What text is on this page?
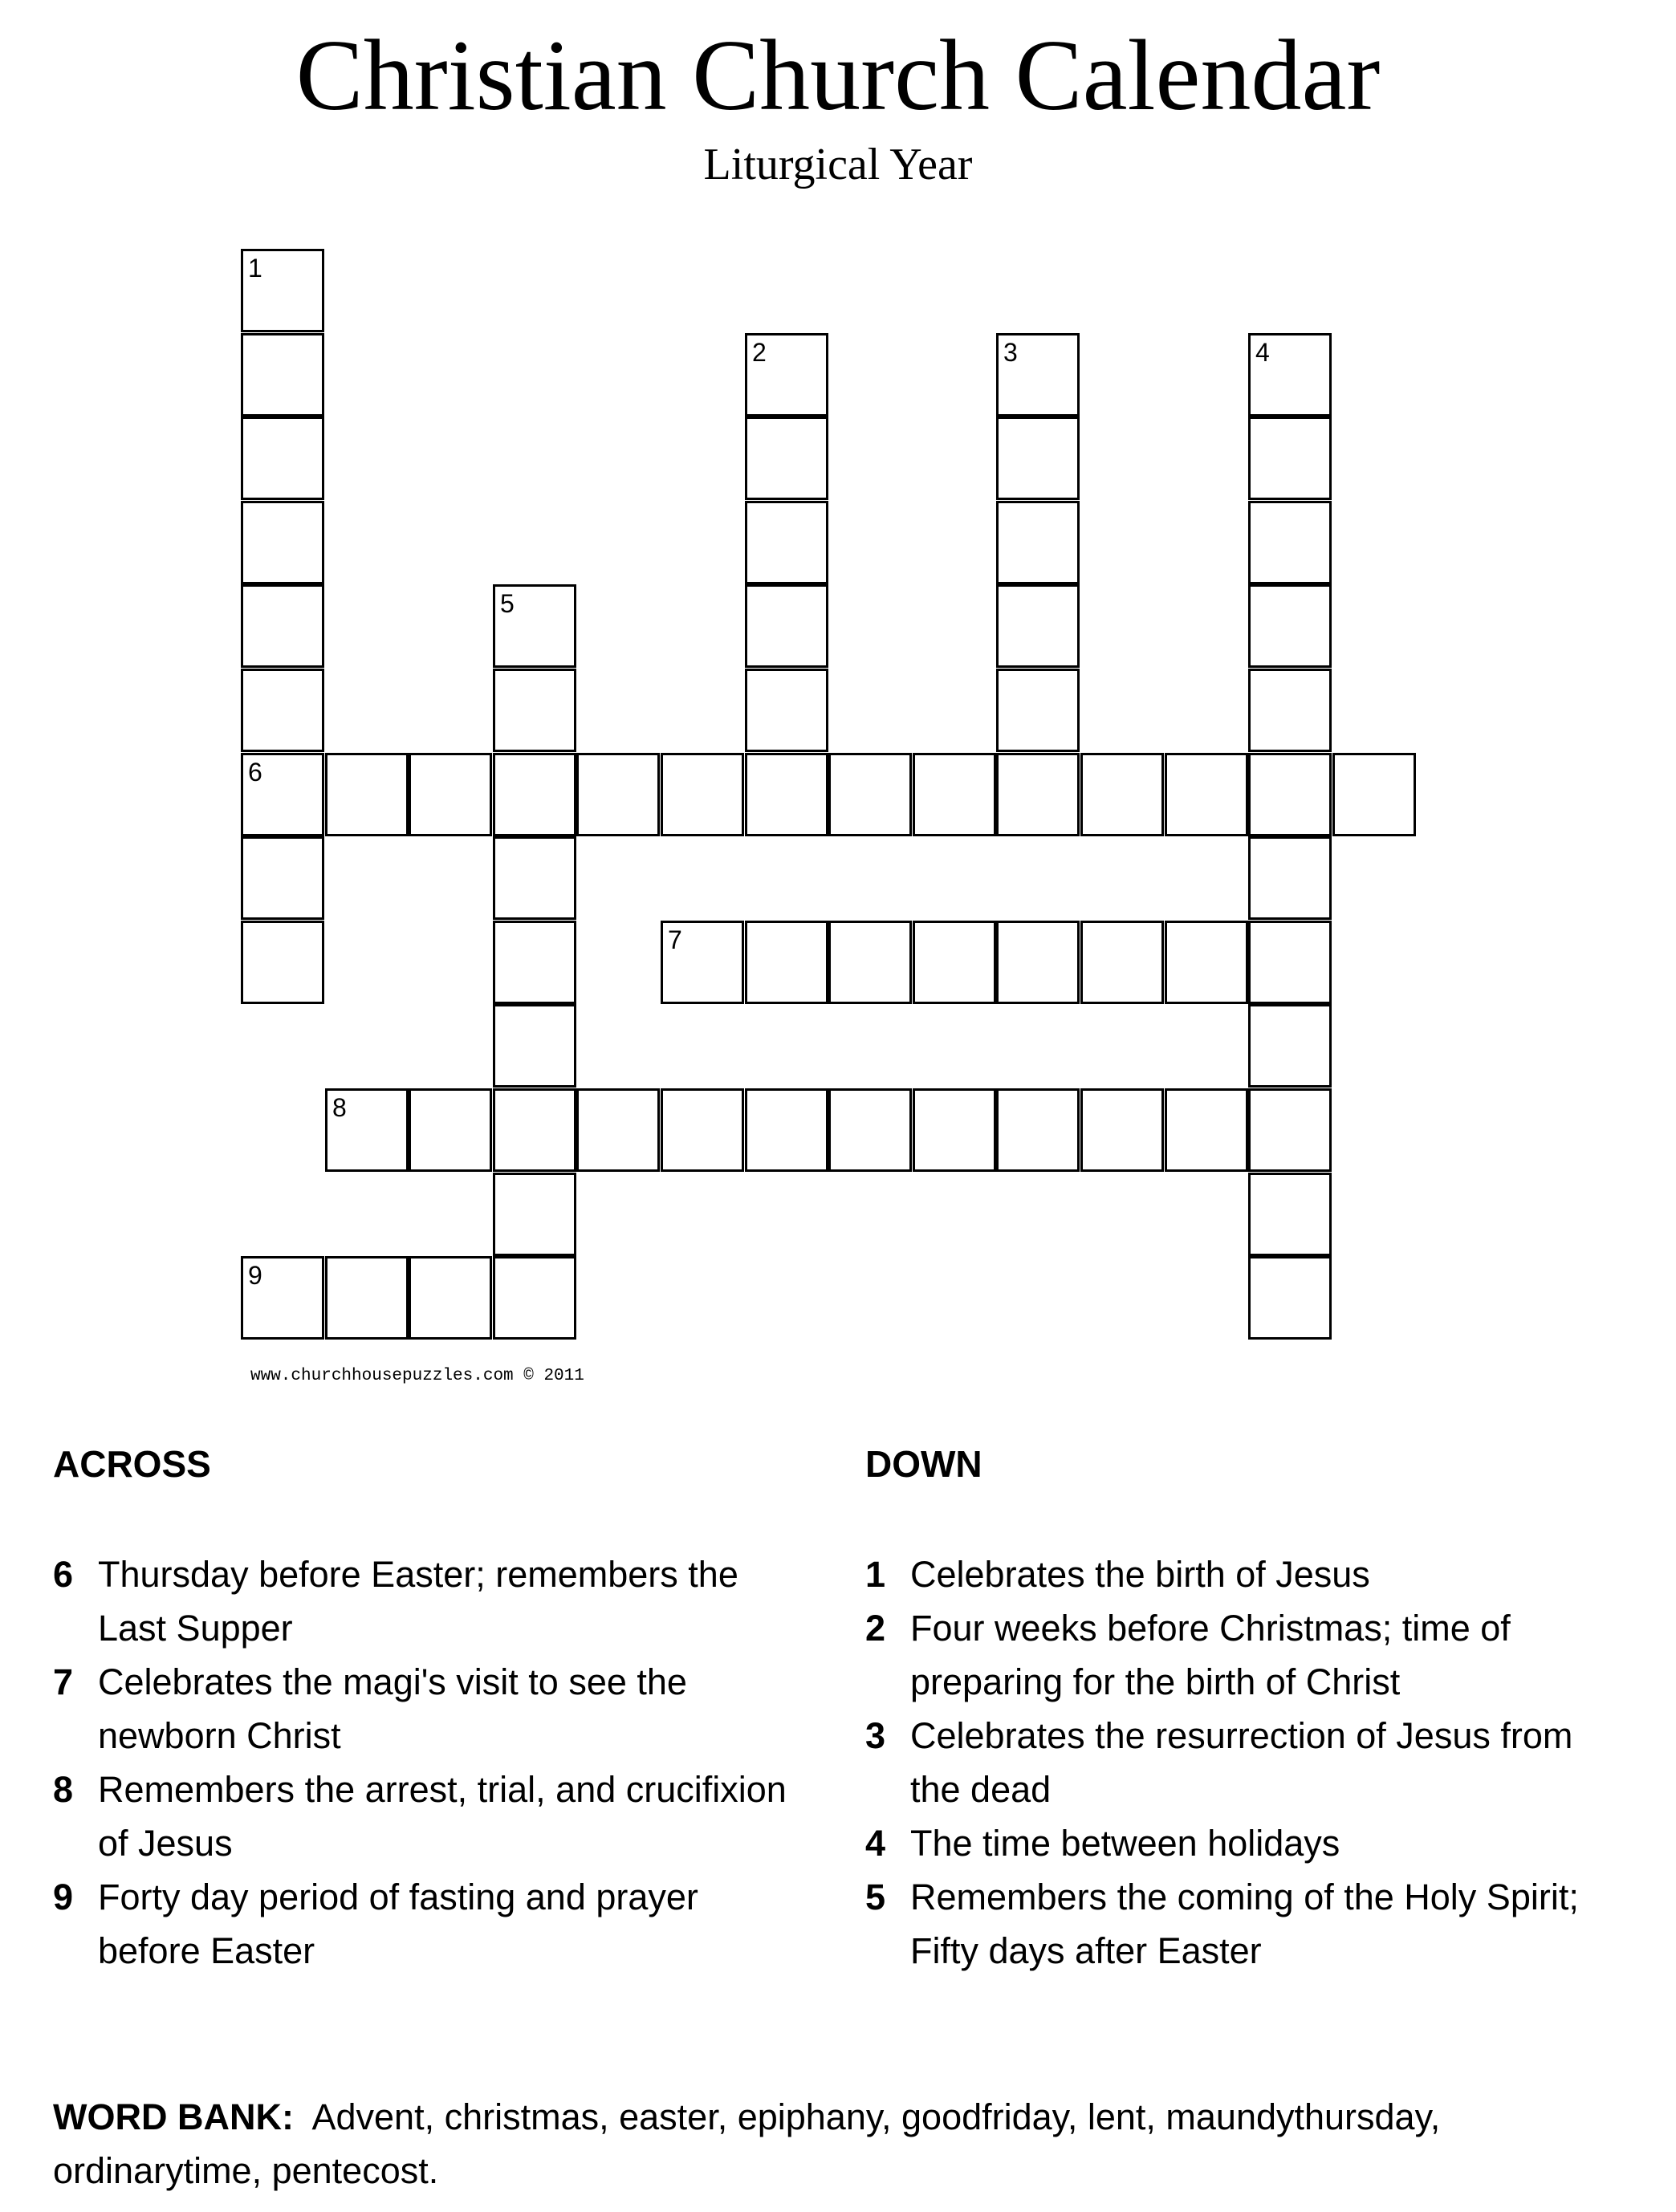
Christian Church Calendar
Liturgical Year
1
6
2	3	4
5
7
8
9
www.churchhousepuzzles.com © 2011
ACROSS	DOWN
6 Thursday before Easter; remembers the Last Supper
7 Celebrates the magi's visit to see the newborn Christ
8 Remembers the arrest, trial, and crucifixion of Jesus
9 Forty day period of fasting and prayer before Easter
1 Celebrates the birth of Jesus
2 Four weeks before Christmas; time of preparing for the birth of Christ
3 Celebrates the resurrection of Jesus from the dead
4 The time between holidays
5 Remembers the coming of the Holy Spirit; Fifty days after Easter
WORD BANK: Advent, christmas, easter, epiphany, goodfriday, lent, maundythursday, ordinarytime, pentecost.
